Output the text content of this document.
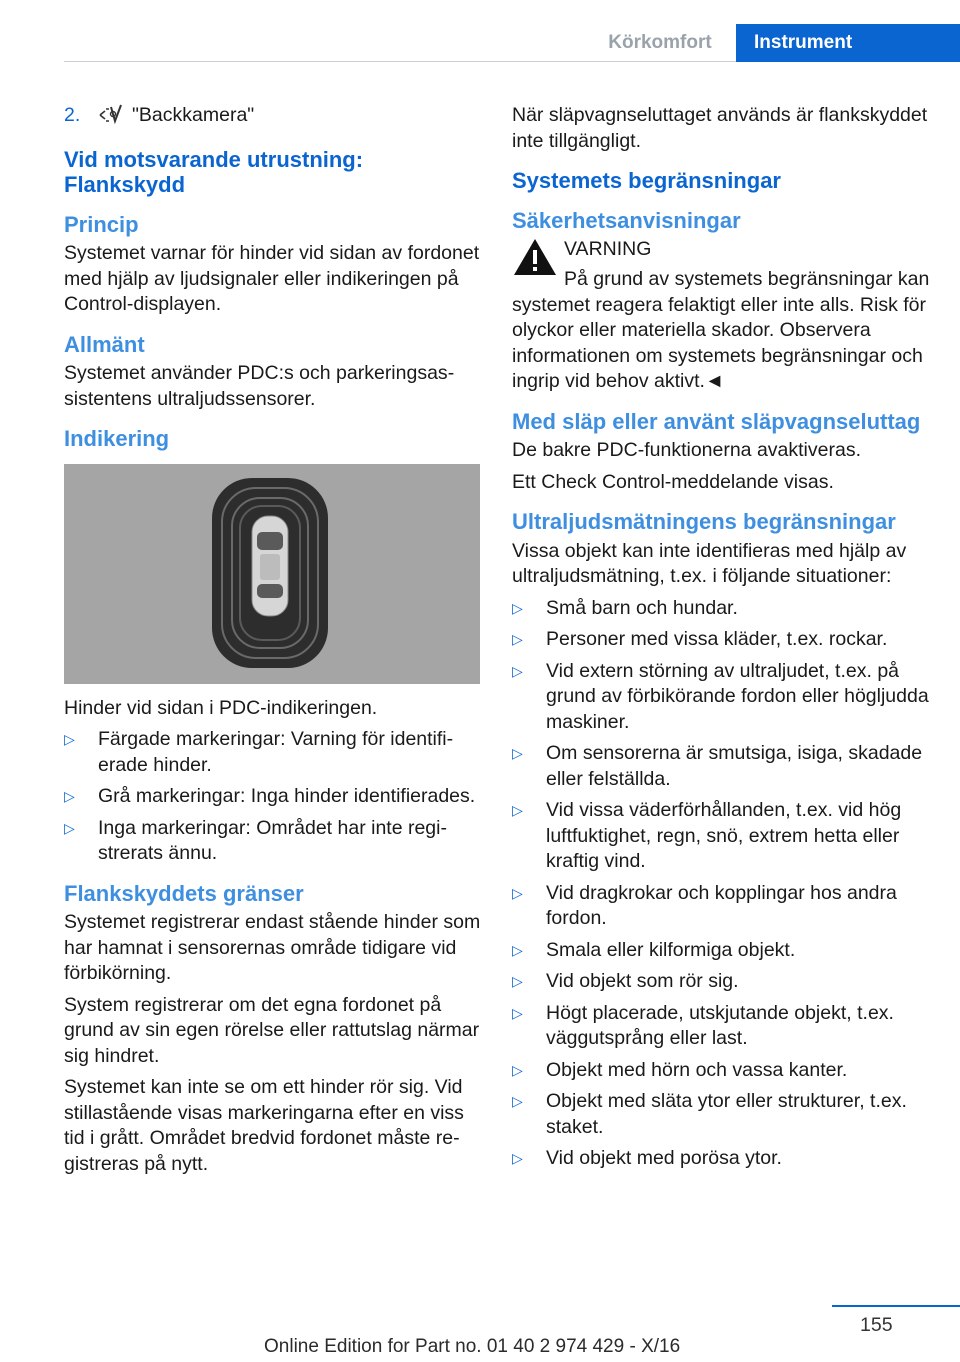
Körkomfort	Instrument
2.	"Backkamera"
Vid motsvarande utrustning: Flankskydd
Princip

Systemet varnar för hinder vid sidan av fordonet med hjälp av ljudsignaler eller indikeringen på Control-displayen.

Allmänt

Systemet använder PDC:s och parkeringsassistentens ultraljudssensorer.

Indikering

Hinder vid sidan i PDC-indikeringen.

▷	Färgade markeringar: Varning för identifierade hinder.
▷	Grå markeringar: Inga hinder identifierades.
▷	Inga markeringar: Området har inte registrerats ännu.
Flankskyddets gränser

Systemet registrerar endast stående hinder som har hamnat i sensorernas område tidigare vid förbikörning.

System registrerar om det egna fordonet på grund av sin egen rörelse eller rattutslag närmar sig hindret.

Systemet kan inte se om ett hinder rör sig. Vid stillastående visas markeringarna efter en viss tid i grått. Området bredvid fordonet måste registreras på nytt.

När släpvagnseluttaget används är flankskyddet inte tillgängligt.

Systemets begränsningar
Säkerhetsanvisningar
VARNING

På grund av systemets begränsningar kan systemet reagera felaktigt eller inte alls. Risk för olyckor eller materiella skador. Observera informationen om systemets begränsningar och ingrip vid behov aktivt.◄

Med släp eller använt släpvagnseluttag

De bakre PDC-funktionerna avaktiveras.

Ett Check Control-meddelande visas.

Ultraljudsmätningens begränsningar

Vissa objekt kan inte identifieras med hjälp av ultraljudsmätning, t.ex. i följande situationer:

▷	Små barn och hundar.
▷	Personer med vissa kläder, t.ex. rockar.
▷	Vid extern störning av ultraljudet, t.ex. på grund av förbikörande fordon eller högljudda maskiner.
▷	Om sensorerna är smutsiga, isiga, skadade eller felställda.
▷	Vid vissa väderförhållanden, t.ex. vid hög luftfuktighet, regn, snö, extrem hetta eller kraftig vind.
▷	Vid dragkrokar och kopplingar hos andra fordon.
▷	Smala eller kilformiga objekt.
▷	Vid objekt som rör sig.
▷	Högt placerade, utskjutande objekt, t.ex. väggutsprång eller last.
▷	Objekt med hörn och vassa kanter.
▷	Objekt med släta ytor eller strukturer, t.ex. staket.
▷	Vid objekt med porösa ytor.
155
Online Edition for Part no. 01 40 2 974 429 - X/16
